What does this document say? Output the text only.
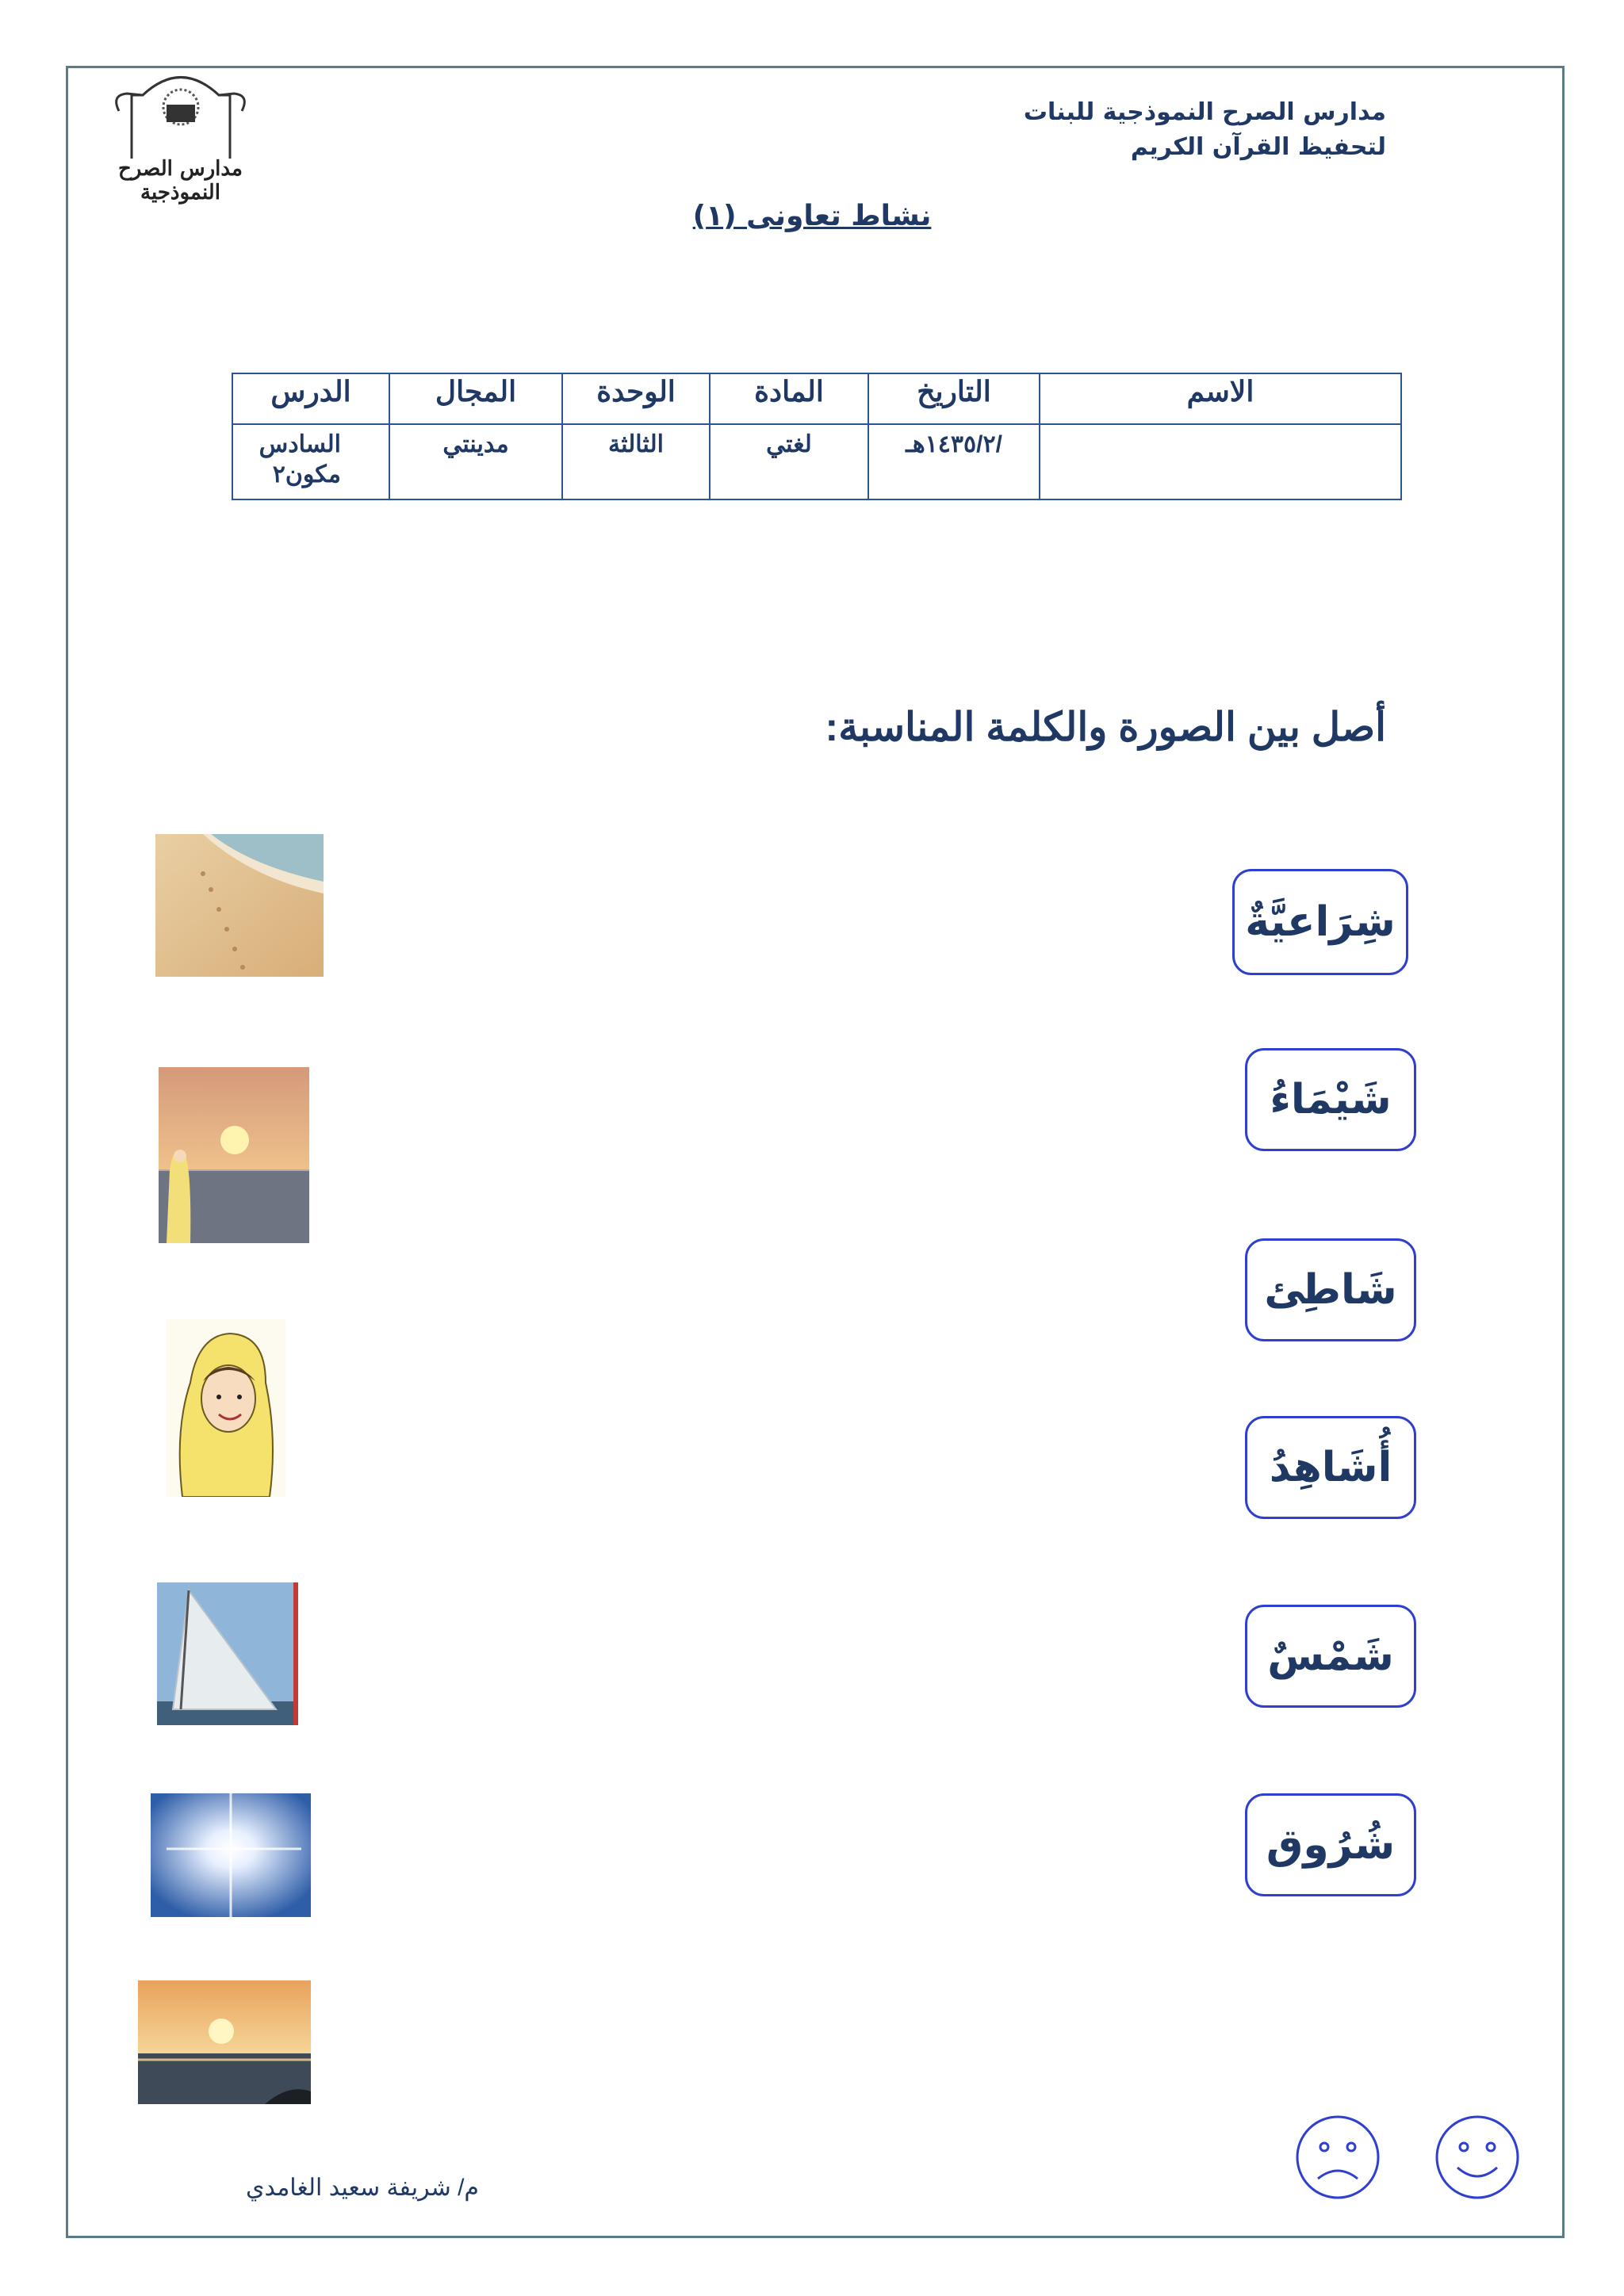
مدارس الصرح النموذجية
مدارس الصرح النموذجية للبنات
لتحفيظ القرآن الكريم
نشاط تعاونى (١)
الاسم	التاريخ	المادة	الوحدة	المجال	الدرس
	/١٤٣٥/٢هـ	لغتي	الثالثة	مدينتي	السادس مكون٢
أصل بين الصورة والكلمة المناسبة:
شِرَاعيَّةٌ
شَيْمَاءُ
شَاطِئ
أُشَاهِدُ
شَمْسٌ
شُرُوق
م/ شريفة سعيد الغامدي
